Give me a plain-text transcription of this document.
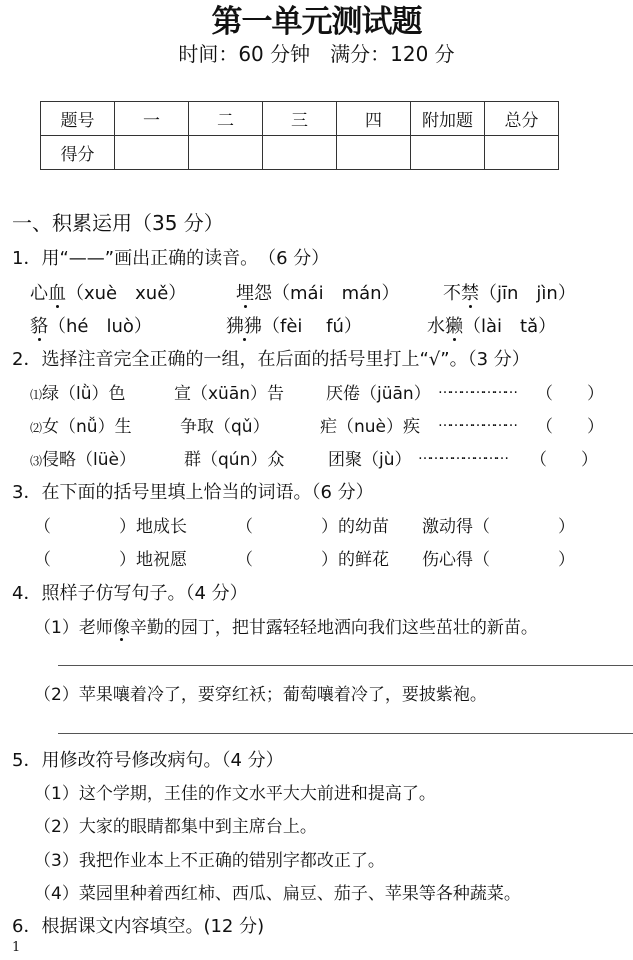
第一单元测试题
时间：60 分钟　满分：120 分
题号	一	二	三	四	附加题	总分
得分						
一、积累运用（35 分）
1．用“——”画出正确的读音。　（6 分）
心血（xuè　xuě）	埋怨（mái　mán） 不禁（jīn　jìn）
貉（hé　luò）	狒狒（fèi　 fú）	水獭（lài　tǎ）
2．选择注音完全正确的一组，在后面的括号里打上“√”。（3 分）
⑴绿（lǜ）色	宣（xüān）告 厌倦（jüān） ………………… （　　）
⑵女（nǚ）生	争取（qǔ）	疟（nuè）疾 ………………… （　　）
⑶侵略（lüè）	群（qún）众	团聚（jù） …………………… （　　）
3．在下面的括号里填上恰当的词语。（6 分）
（　　　　）地成长	（　　　　）的幼苗 激动得（　　　　）
（　　　　）地祝愿	（　　　　）的鲜花 伤心得（　　　　）
4．照样子仿写句子。（4 分）
（1）老师像辛勤的园丁，把甘露轻轻地洒向我们这些茁壮的新苗。
（2）苹果嚷着冷了，要穿红袄；葡萄嚷着冷了，要披紫袍。
5．用修改符号修改病句。（4 分）
（1）这个学期，王佳的作文水平大大前进和提高了。
（2）大家的眼睛都集中到主席台上。
（3）我把作业本上不正确的错别字都改正了。
（4）菜园里种着西红柿、西瓜、扁豆、茄子、苹果等各种蔬菜。
6．根据课文内容填空。(12 分)
1
